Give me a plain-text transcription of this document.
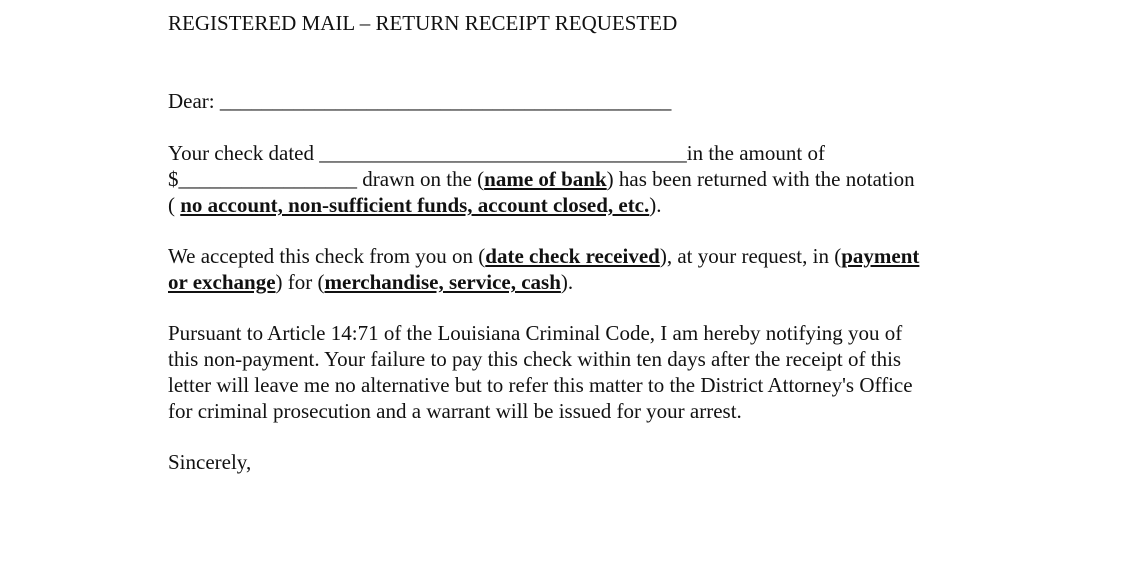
REGISTERED MAIL – RETURN RECEIPT REQUESTED
Dear: ___________________________________________
Your check dated ___________________________________in the amount of
$_________________ drawn on the (name of bank) has been returned with the notation
( no account, non-sufficient funds, account closed, etc.).
We accepted this check from you on (date check received), at your request, in (payment
or exchange) for (merchandise, service, cash).
Pursuant to Article 14:71 of the Louisiana Criminal Code, I am hereby notifying you of
this non-payment. Your failure to pay this check within ten days after the receipt of this
letter will leave me no alternative but to refer this matter to the District Attorney's Office
for criminal prosecution and a warrant will be issued for your arrest.
Sincerely,
